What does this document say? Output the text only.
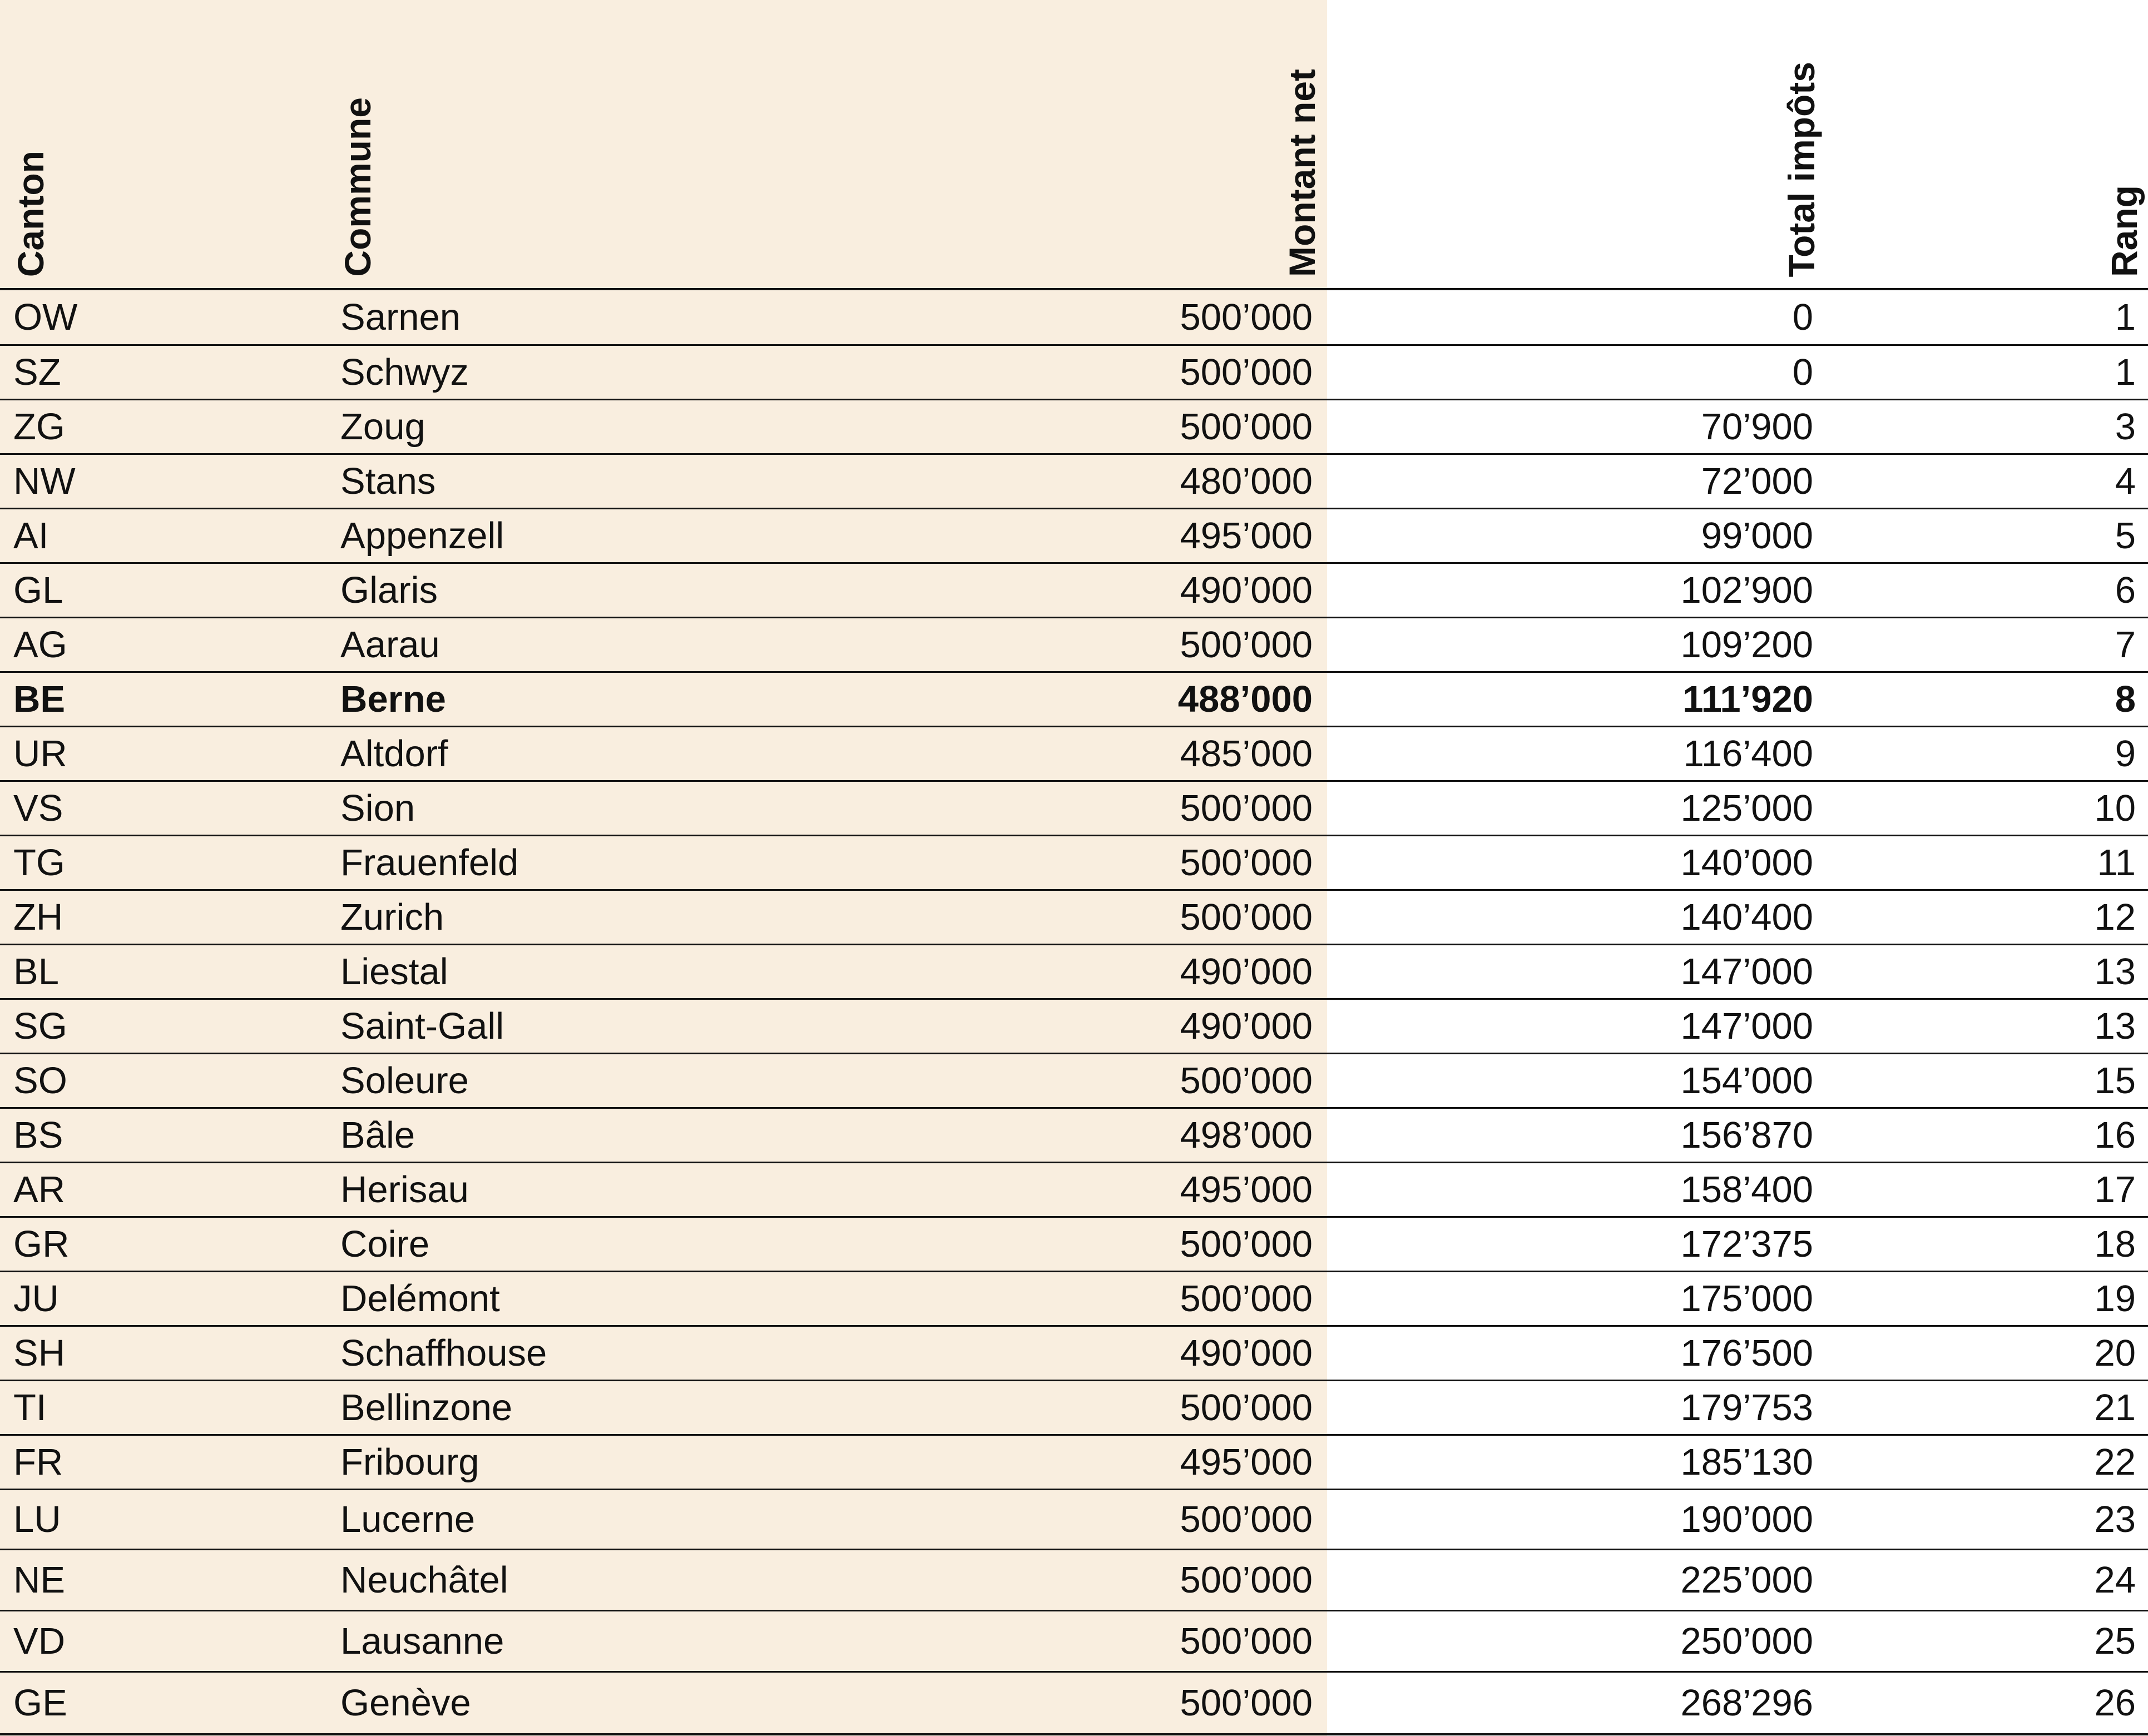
Canton	Commune	Montant net	Total impôts	Rang
OW	Sarnen	500’000	0	1
SZ	Schwyz	500’000	0	1
ZG	Zoug	500’000	70’900	3
NW	Stans	480’000	72’000	4
AI	Appenzell	495’000	99’000	5
GL	Glaris	490’000	102’900	6
AG	Aarau	500’000	109’200	7
BE	Berne	488’000	111’920	8
UR	Altdorf	485’000	116’400	9
VS	Sion	500’000	125’000	10
TG	Frauenfeld	500’000	140’000	11
ZH	Zurich	500’000	140’400	12
BL	Liestal	490’000	147’000	13
SG	Saint-Gall	490’000	147’000	13
SO	Soleure	500’000	154’000	15
BS	Bâle	498’000	156’870	16
AR	Herisau	495’000	158’400	17
GR	Coire	500’000	172’375	18
JU	Delémont	500’000	175’000	19
SH	Schaffhouse	490’000	176’500	20
TI	Bellinzone	500’000	179’753	21
FR	Fribourg	495’000	185’130	22
LU	Lucerne	500’000	190’000	23
NE	Neuchâtel	500’000	225’000	24
VD	Lausanne	500’000	250’000	25
GE	Genève	500’000	268’296	26
